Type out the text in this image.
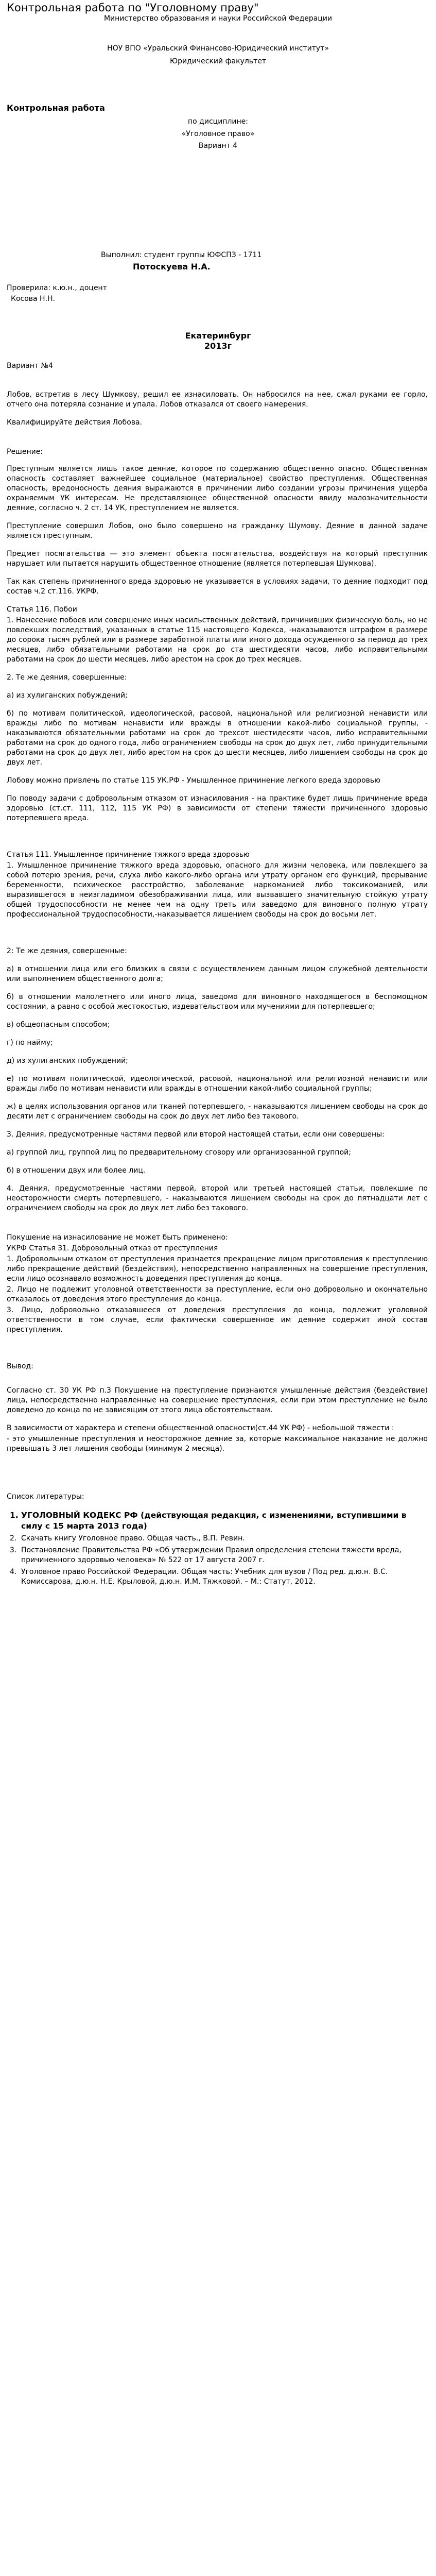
Контрольная работа по "Уголовному праву"
Министерство образования и науки Российской Федерации
НОУ ВПО «Уральский Финансово-Юридический институт»
Юридический факультет
Контрольная работа
по дисциплине:
«Уголовное право»
Вариант 4
Выполнил: студент группы ЮФСПЗ - 1711
Потоскуева Н.А.
Проверила: к.ю.н., доцент
Косова Н.Н.
Екатеринбург
2013г
Вариант №4

Лобов, встретив в лесу Шумкову, решил ее изнасиловать. Он набросился на нее, сжал руками ее горло, отчего она потеряла сознание и упала. Лобов отказался от своего намерения.

Квалифицируйте действия Лобова.

Решение:

Преступным является лишь такое деяние, которое по содержанию общественно опасно. Общественная опасность составляет важнейшее социальное (материальное) свойство преступления. Общественная опасность, вредоносность деяния выражаются в причинении либо создании угрозы причинения ущерба охраняемым УК интересам. Не представляющее общественной опасности ввиду малозначительности деяние, согласно ч. 2 ст. 14 УК, преступлением не является.

Преступление совершил Лобов, оно было совершено на гражданку Шумову. Деяние в данной задаче является преступным.

Предмет посягательства — это элемент объекта посягательства, воздействуя на который преступник нарушает или пытается нарушить общественное отношение (является потерпевшая Шумкова).

Так как степень причиненного вреда здоровью не указывается в условиях задачи, то деяние подходит под состав ч.2 ст.116. УКРФ.

Статья 116. Побои

1. Нанесение побоев или совершение иных насильственных действий, причинивших физическую боль, но не повлекших последствий, указанных в статье 115 настоящего Кодекса, -наказываются штрафом в размере до сорока тысяч рублей или в размере заработной платы или иного дохода осужденного за период до трех месяцев, либо обязательными работами на срок до ста шестидесяти часов, либо исправительными работами на срок до шести месяцев, либо арестом на срок до трех месяцев.

2. Те же деяния, совершенные:

а) из хулиганских побуждений;

б) по мотивам политической, идеологической, расовой, национальной или религиозной ненависти или вражды либо по мотивам ненависти или вражды в отношении какой-либо социальной группы, - наказываются обязательными работами на срок до трехсот шестидесяти часов, либо исправительными работами на срок до одного года, либо ограничением свободы на срок до двух лет, либо принудительными работами на срок до двух лет, либо арестом на срок до шести месяцев, либо лишением свободы на срок до двух лет.

Лобову можно привлечь по статье 115 УК.РФ - Умышленное причинение легкого вреда здоровью

По поводу задачи с добровольным отказом от изнасилования - на практике будет лишь причинение вреда здоровью (ст.ст. 111, 112, 115 УК РФ) в зависимости от степени тяжести причиненного здоровью потерпевшего вреда.

Статья 111. Умышленное причинение тяжкого вреда здоровью

1. Умышленное причинение тяжкого вреда здоровью, опасного для жизни человека, или повлекшего за собой потерю зрения, речи, слуха либо какого-либо органа или утрату органом его функций, прерывание беременности, психическое расстройство, заболевание наркоманией либо токсикоманией, или выразившегося в неизгладимом обезображивании лица, или вызвавшего значительную стойкую утрату общей трудоспособности не менее чем на одну треть или заведомо для виновного полную утрату профессиональной трудоспособности,-наказывается лишением свободы на срок до восьми лет.

2: Те же деяния, совершенные:

а) в отношении лица или его близких в связи с осуществлением данным лицом служебной деятельности или выполнением общественного долга;

б) в отношении малолетнего или иного лица, заведомо для виновного находящегося в беспомощном состоянии, а равно с особой жестокостью, издевательством или мучениями для потерпевшего;

в) общеопасным способом;

г) по найму;

д) из хулиганских побуждений;

е) по мотивам политической, идеологической, расовой, национальной или религиозной ненависти или вражды либо по мотивам ненависти или вражды в отношении какой-либо социальной группы;

ж) в целях использования органов или тканей потерпевшего, - наказываются лишением свободы на срок до десяти лет с ограничением свободы на срок до двух лет либо без такового.

3. Деяния, предусмотренные частями первой или второй настоящей статьи, если они совершены:

а) группой лиц, группой лиц по предварительному сговору или организованной группой;

б) в отношении двух или более лиц.

4. Деяния, предусмотренные частями первой, второй или третьей настоящей статьи, повлекшие по неосторожности смерть потерпевшего, - наказываются лишением свободы на срок до пятнадцати лет с ограничением свободы на срок до двух лет либо без такового.

Покушение на изнасилование не может быть применено:

УКРФ Статья 31. Добровольный отказ от преступления

1. Добровольным отказом от преступления признается прекращение лицом приготовления к преступлению либо прекращение действий (бездействия), непосредственно направленных на совершение преступления, если лицо осознавало возможность доведения преступления до конца.

2. Лицо не подлежит уголовной ответственности за преступление, если оно добровольно и окончательно отказалось от доведения этого преступления до конца.

3. Лицо, добровольно отказавшееся от доведения преступления до конца, подлежит уголовной ответственности в том случае, если фактически совершенное им деяние содержит иной состав преступления.

Вывод:

Согласно ст. 30 УК РФ п.3 Покушение на преступление признаются умышленные действия (бездействие) лица, непосредственно направленные на совершение преступления, если при этом преступление не было доведено до конца по не зависящим от этого лица обстоятельствам.

В зависимости от характера и степени общественной опасности(ст.44 УК РФ) - небольшой тяжести :

- это умышленные преступления и неосторожное деяние за, которые максимальное наказание не должно превышать 3 лет лишения свободы (минимум 2 месяца).

Список литературы:

1. УГОЛОВНЫЙ КОДЕКС РФ (действующая редакция, с изменениями, вступившими в силу с 15 марта 2013 года)
2. Скачать книгу Уголовное право. Общая часть., В.П. Ревин.
3. Постановление Правительства РФ «Об утверждении Правил определения степени тяжести вреда, причиненного здоровью человека» № 522 от 17 августа 2007 г.
4. Уголовное право Российской Федерации. Общая часть: Учебник для вузов / Под ред. д.ю.н. В.С. Комиссарова, д.ю.н. Н.Е. Крыловой, д.ю.н. И.М. Тяжковой. – М.: Статут, 2012.
